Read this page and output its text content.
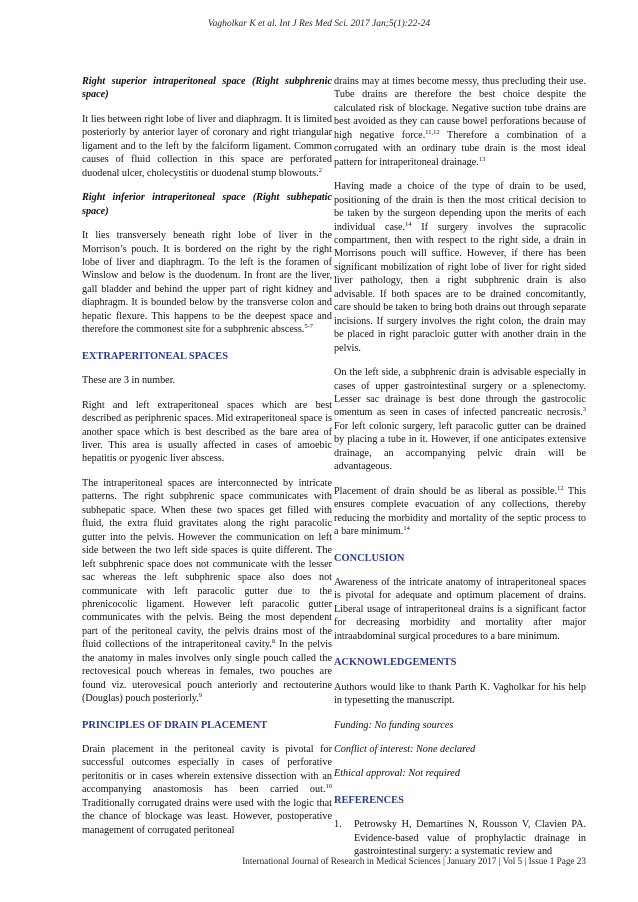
Vagholkar K et al. Int J Res Med Sci. 2017 Jan;5(1):22-24
Right superior intraperitoneal space (Right subphrenic space)

It lies between right lobe of liver and diaphragm. It is limited posteriorly by anterior layer of coronary and right triangular ligament and to the left by the falciform ligament. Common causes of fluid collection in this space are perforated duodenal ulcer, cholecystitis or duodenal stump blowouts.$^2$

Right inferior intraperitoneal space (Right subhepatic space)

It lies transversely beneath right lobe of liver in the Morrison’s pouch. It is bordered on the right by the right lobe of liver and diaphragm. To the left is the foramen of Winslow and below is the duodenum. In front are the liver, gall bladder and behind the upper part of right kidney and diaphragm. It is bounded below by the transverse colon and hepatic flexure. This happens to be the deepest space and therefore the commonest site for a subphrenic abscess.$^{5-7}$

EXTRAPERITONEAL SPACES

These are 3 in number.

Right and left extraperitoneal spaces which are best described as periphrenic spaces. Mid extraperitoneal space is another space which is best described as the bare area of liver. This area is usually affected in cases of amoebic hepatitis or pyogenic liver abscess.

The intraperitoneal spaces are interconnected by intricate patterns. The right subphrenic space communicates with subhepatic space. When these two spaces get filled with fluid, the extra fluid gravitates along the right paracolic gutter into the pelvis. However the communication on left side between the two left side spaces is quite different. The left subphrenic space does not communicate with the lesser sac whereas the left subphrenic space also does not communicate with left paracolic gutter due to the phrenicocolic ligament. However left paracolic gutter communicates with the pelvis. Being the most dependent part of the peritoneal cavity, the pelvis drains most of the fluid collections of the intraperitoneal cavity.$^8$ In the pelvis the anatomy in males involves only single pouch called the rectovesical pouch whereas in females, two pouches are found viz. uterovesical pouch anteriorly and rectouterine (Douglas) pouch posteriorly.$^9$

PRINCIPLES OF DRAIN PLACEMENT

Drain placement in the peritoneal cavity is pivotal for successful outcomes especially in cases of perforative peritonitis or in cases wherein extensive dissection with an accompanying anastomosis has been carried out.$^{10}$ Traditionally corrugated drains were used with the logic that the chance of blockage was least. However, postoperative management of corrugated peritoneal

drains may at times become messy, thus precluding their use. Tube drains are therefore the best choice despite the calculated risk of blockage. Negative suction tube drains are best avoided as they can cause bowel perforations because of high negative force.$^{11,12}$ Therefore a combination of a corrugated with an ordinary tube drain is the most ideal pattern for intraperitoneal drainage.$^{13}$

Having made a choice of the type of drain to be used, positioning of the drain is then the most critical decision to be taken by the surgeon depending upon the merits of each individual case.$^{14}$ If surgery involves the supracolic compartment, then with respect to the right side, a drain in Morrisons pouch will suffice. However, if there has been significant mobilization of right lobe of liver for right sided liver pathology, then a right subphrenic drain is also advisable. If both spaces are to be drained concomitantly, care should be taken to bring both drains out through separate incisions. If surgery involves the right colon, the drain may be placed in right paracloic gutter with another drain in the pelvis.

On the left side, a subphrenic drain is advisable especially in cases of upper gastrointestinal surgery or a splenectomy. Lesser sac drainage is best done through the gastrocolic omentum as seen in cases of infected pancreatic necrosis.$^3$ For left colonic surgery, left paracolic gutter can be drained by placing a tube in it. However, if one anticipates extensive drainage, an accompanying pelvic drain will be advantageous.

Placement of drain should be as liberal as possible.$^{12}$ This ensures complete evacuation of any collections, thereby reducing the morbidity and mortality of the septic process to a bare minimum.$^{14}$

CONCLUSION

Awareness of the intricate anatomy of intraperitoneal spaces is pivotal for adequate and optimum placement of drains. Liberal usage of intraperitoneal drains is a significant factor for decreasing morbidity and mortality after major intraabdominal surgical procedures to a bare minimum.

ACKNOWLEDGEMENTS

Authors would like to thank Parth K. Vagholkar for his help in typesetting the manuscript.

Funding: No funding sources

Conflict of interest: None declared

Ethical approval: Not required

REFERENCES
1.	Petrowsky H, Demartines N, Rousson V, Clavien PA. Evidence-based value of prophylactic drainage in gastrointestinal surgery: a systematic review and
International Journal of Research in Medical Sciences | January 2017 | Vol 5 | Issue 1 Page 23
